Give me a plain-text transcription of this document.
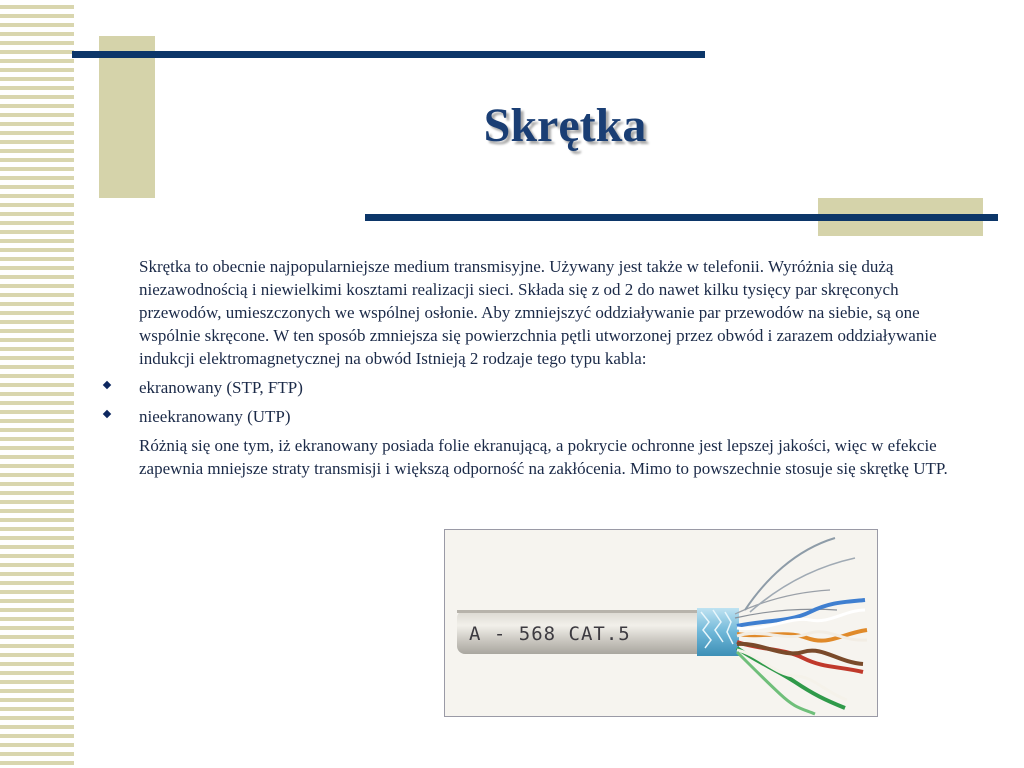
Skrętka

Skrętka to obecnie najpopularniejsze medium transmisyjne. Używany jest także w telefonii. Wyróżnia się dużą niezawodnością i niewielkimi kosztami realizacji sieci. Składa się z od 2 do nawet kilku tysięcy par skręconych przewodów, umieszczonych we wspólnej osłonie. Aby zmniejszyć oddziaływanie par przewodów na siebie, są one wspólnie skręcone. W ten sposób zmniejsza się powierzchnia pętli utworzonej przez obwód i zarazem oddziaływanie indukcji elektromagnetycznej na obwód Istnieją 2 rodzaje tego typu kabla:

ekranowany (STP, FTP)
nieekranowany (UTP)

Różnią się one tym, iż ekranowany posiada folie ekranującą, a pokrycie ochronne jest lepszej jakości, więc w efekcie zapewnia mniejsze straty transmisji i większą odporność na zakłócenia. Mimo to powszechnie stosuje się skrętkę UTP.

A - 568 CAT.5
